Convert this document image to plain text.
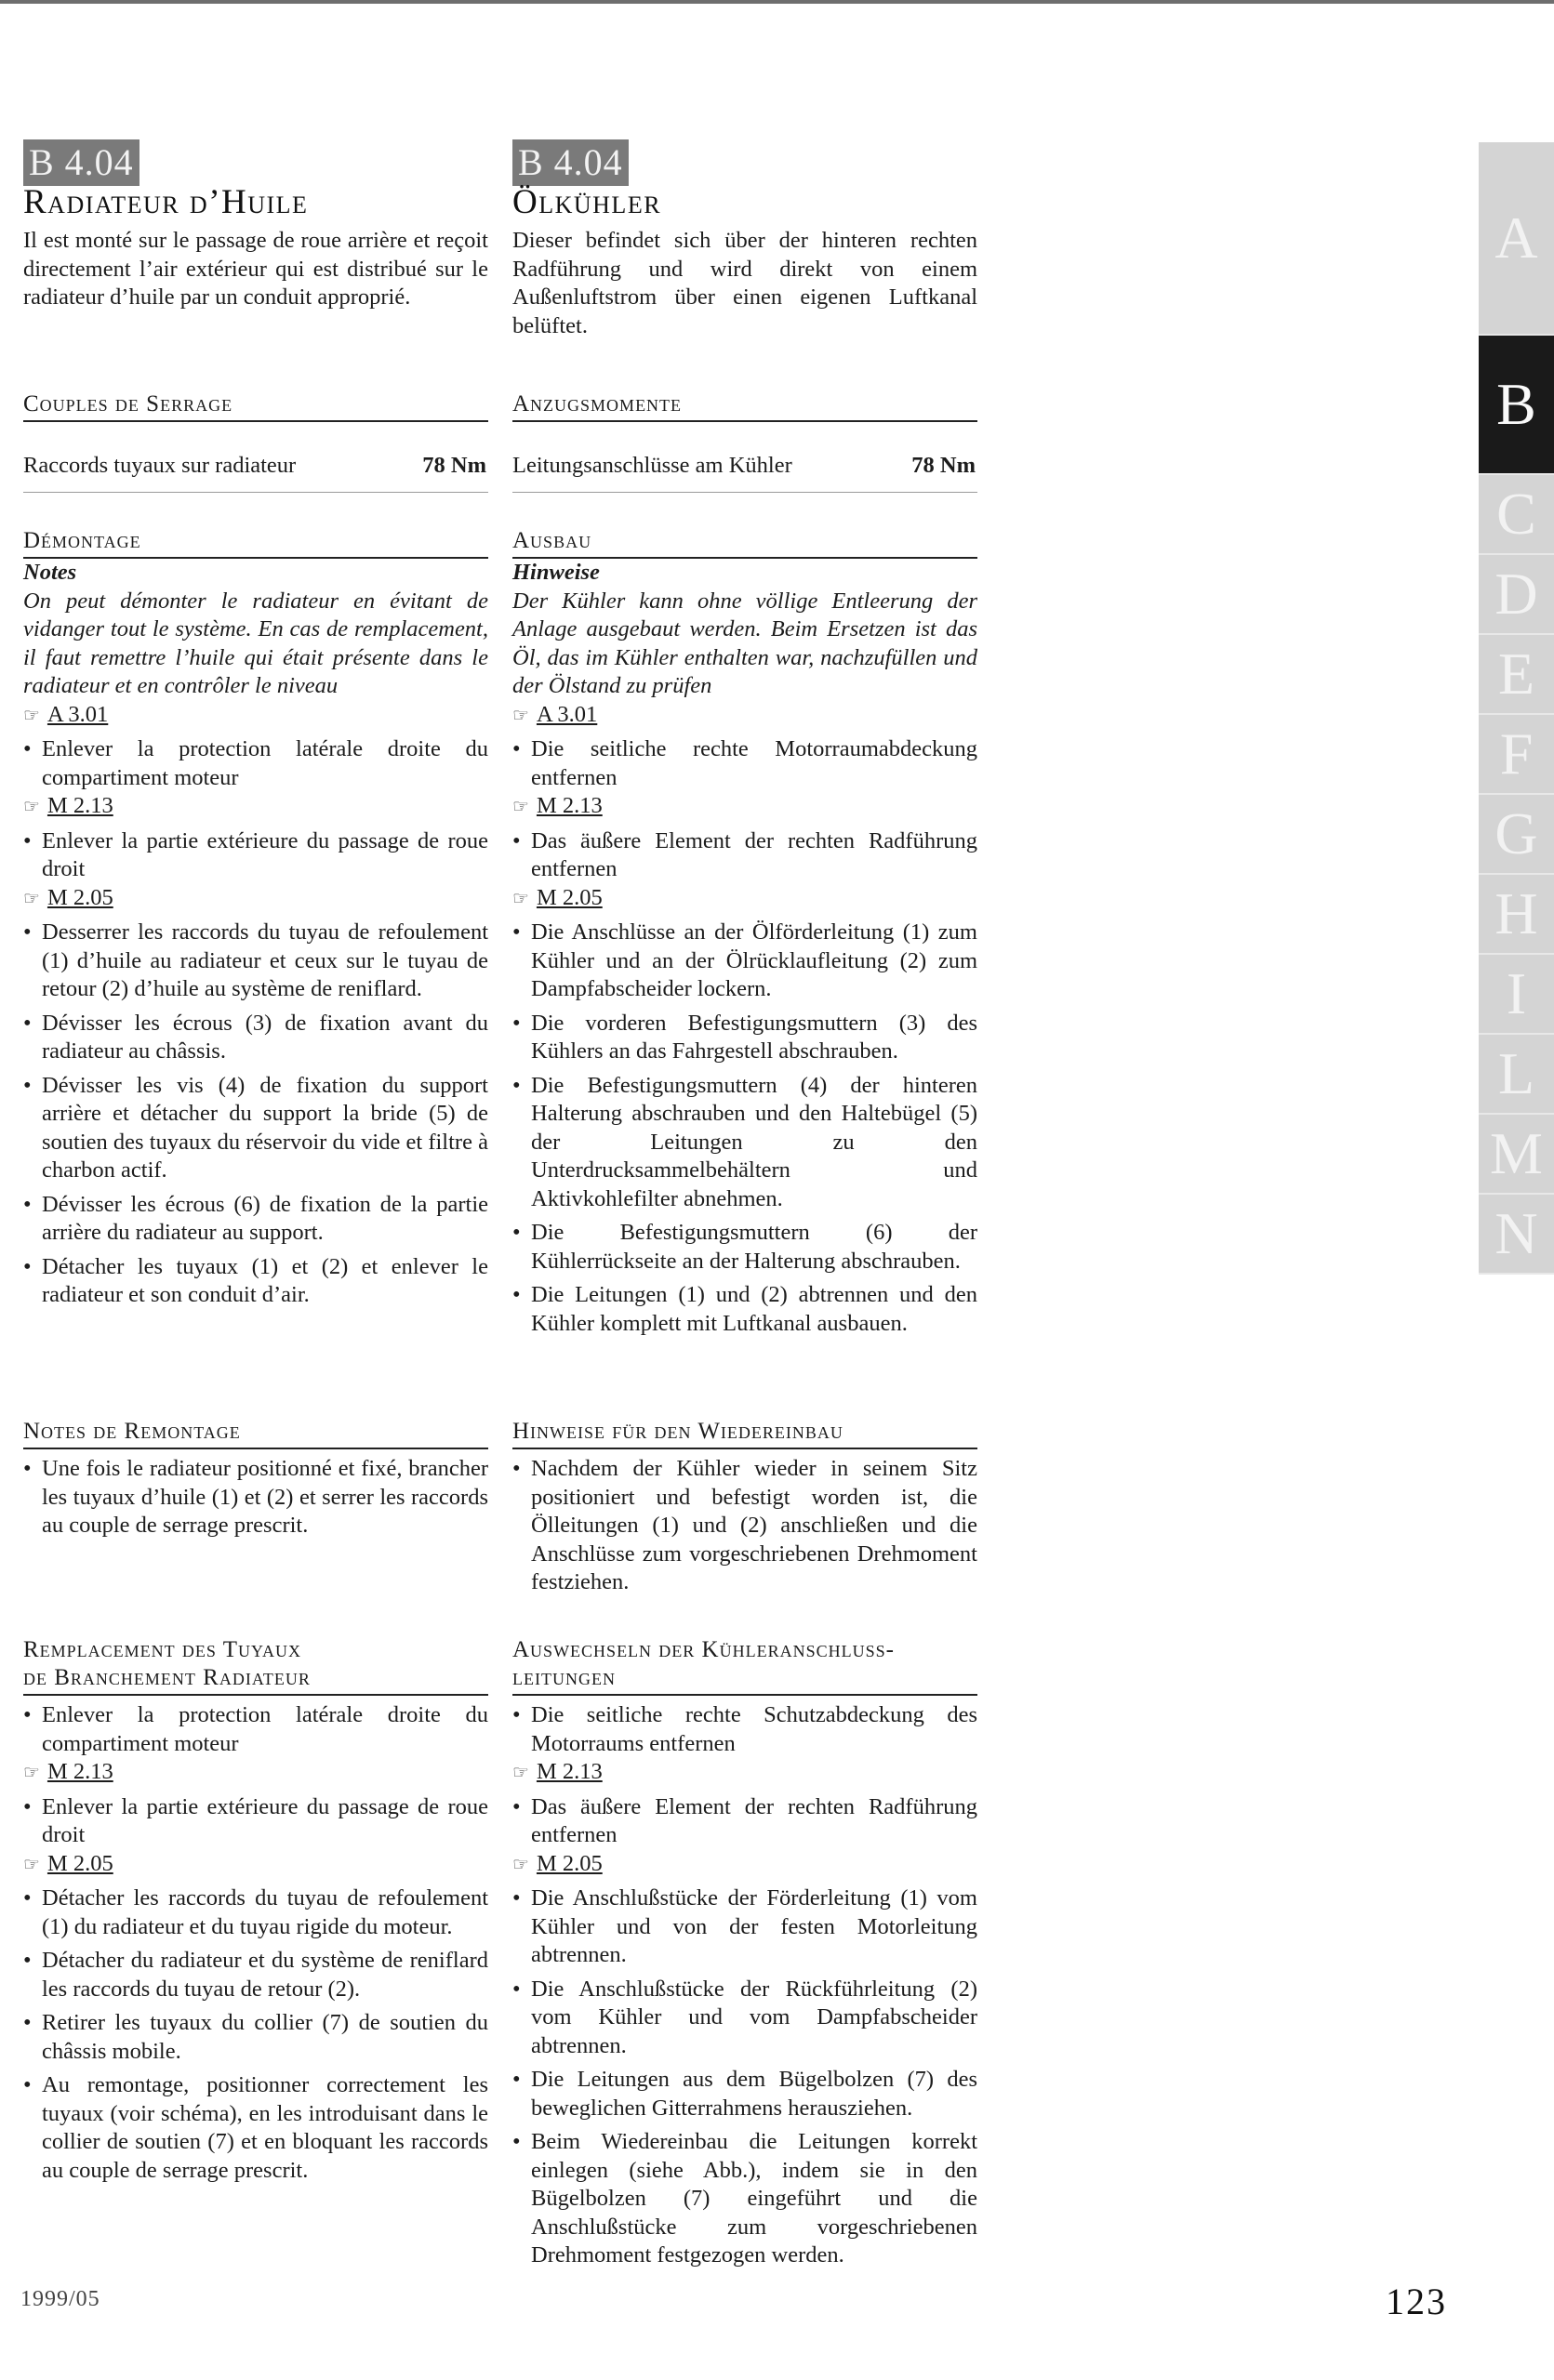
B 4.04
Radiateur d’Huile
Il est monté sur le passage de roue arrière et reçoit directement l’air extérieur qui est distribué sur le radiateur d’huile par un conduit approprié.
Couples de Serrage
Raccords tuyaux sur radiateur	78 Nm
Démontage
Notes
On peut démonter le radiateur en évitant de vidanger tout le système. En cas de remplacement, il faut remettre l’huile qui était présente dans le radiateur et en contrôler le niveau
☞ A 3.01
• Enlever la protection latérale droite du compartiment moteur
☞ M 2.13
• Enlever la partie extérieure du passage de roue droit
☞ M 2.05
• Desserrer les raccords du tuyau de refoulement (1) d’huile au radiateur et ceux sur le tuyau de retour (2) d’huile au système de reniflard.
• Dévisser les écrous (3) de fixation avant du radiateur au châssis.
• Dévisser les vis (4) de fixation du support arrière et détacher du support la bride (5) de soutien des tuyaux du réservoir du vide et filtre à charbon actif.
• Dévisser les écrous (6) de fixation de la partie arrière du radiateur au support.
• Détacher les tuyaux (1) et (2) et enlever le radiateur et son conduit d’air.
Notes de Remontage
• Une fois le radiateur positionné et fixé, brancher les tuyaux d’huile (1) et (2) et serrer les raccords au couple de serrage prescrit.
Remplacement des Tuyaux
de Branchement Radiateur
• Enlever la protection latérale droite du compartiment moteur
☞ M 2.13
• Enlever la partie extérieure du passage de roue droit
☞ M 2.05
• Détacher les raccords du tuyau de refoulement (1) du radiateur et du tuyau rigide du moteur.
• Détacher du radiateur et du système de reniflard les raccords du tuyau de retour (2).
• Retirer les tuyaux du collier (7) de soutien du châssis mobile.
• Au remontage, positionner correctement les tuyaux (voir schéma), en les introduisant dans le collier de soutien (7) et en bloquant les raccords au couple de serrage prescrit.
B 4.04
Ölkühler
Dieser befindet sich über der hinteren rechten Radführung und wird direkt von einem Außenluftstrom über einen eigenen Luftkanal belüftet.
Anzugsmomente
Leitungsanschlüsse am Kühler	78 Nm
Ausbau
Hinweise
Der Kühler kann ohne völlige Entleerung der Anlage ausgebaut werden. Beim Ersetzen ist das Öl, das im Kühler enthalten war, nachzufüllen und der Ölstand zu prüfen
☞ A 3.01
• Die seitliche rechte Motorraumabdeckung entfernen
☞ M 2.13
• Das äußere Element der rechten Radführung entfernen
☞ M 2.05
• Die Anschlüsse an der Ölförderleitung (1) zum Kühler und an der Ölrücklaufleitung (2) zum Dampfabscheider lockern.
• Die vorderen Befestigungsmuttern (3) des Kühlers an das Fahrgestell abschrauben.
• Die Befestigungsmuttern (4) der hinteren Halterung abschrauben und den Haltebügel (5) der Leitungen zu den Unterdrucksammelbehältern und Aktivkohlefilter abnehmen.
• Die Befestigungsmuttern (6) der Kühlerrückseite an der Halterung abschrauben.
• Die Leitungen (1) und (2) abtrennen und den Kühler komplett mit Luftkanal ausbauen.
Hinweise für den Wiedereinbau
• Nachdem der Kühler wieder in seinem Sitz positioniert und befestigt worden ist, die Ölleitungen (1) und (2) anschließen und die Anschlüsse zum vorgeschriebenen Drehmoment festziehen.
Auswechseln der Kühleranschluss-
leitungen
• Die seitliche rechte Schutzabdeckung des Motorraums entfernen
☞ M 2.13
• Das äußere Element der rechten Radführung entfernen
☞ M 2.05
• Die Anschlußstücke der Förderleitung (1) vom Kühler und von der festen Motorleitung abtrennen.
• Die Anschlußstücke der Rückführleitung (2) vom Kühler und vom Dampfabscheider abtrennen.
• Die Leitungen aus dem Bügelbolzen (7) des beweglichen Gitterrahmens herausziehen.
• Beim Wiedereinbau die Leitungen korrekt einlegen (siehe Abb.), indem sie in den Bügelbolzen (7) eingeführt und die Anschlußstücke zum vorgeschriebenen Drehmoment festgezogen werden.
A
B
C
D
E
F
G
H
I
L
M
N
1999/05	123
